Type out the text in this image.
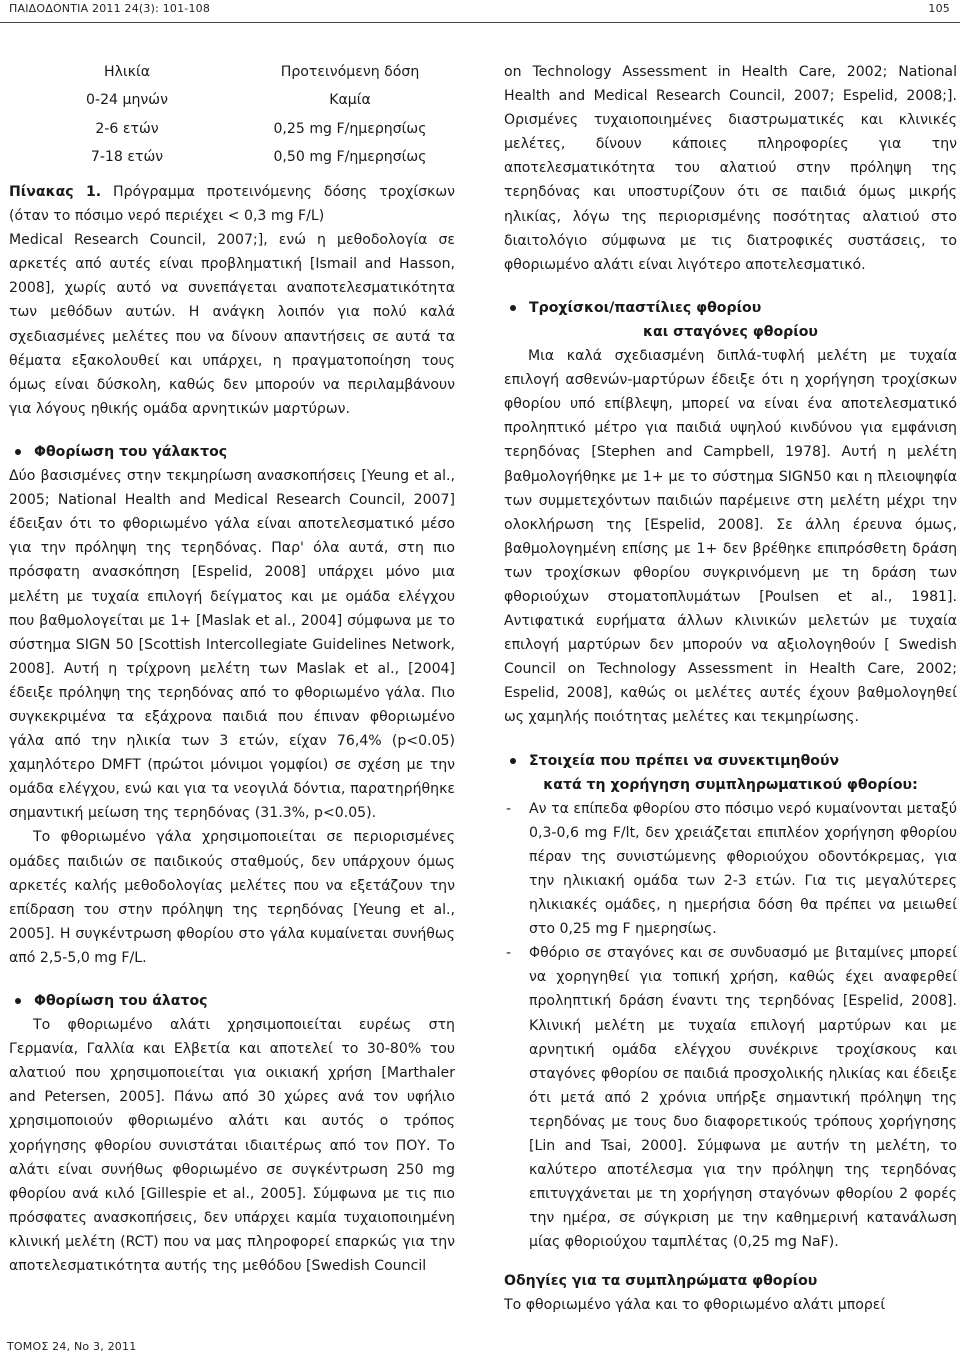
ΠΑΙΔΟΔΟΝΤΙΑ 2011 24(3): 101-108	105
Ηλικία	Προτεινόμενη δόση
0-24 μηνών	Καμία
2-6 ετών	0,25 mg F/ημερησίως
7-18 ετών	0,50 mg F/ημερησίως

Πίνακας 1. Πρόγραμμα προτεινόμενης δόσης τροχίσκων (όταν το πόσιμο νερό περιέχει < 0,3 mg F/L)

Medical Research Council, 2007;], ενώ η μεθοδολογία σε αρκετές από αυτές είναι προβληματική [Ismail and Hasson, 2008], χωρίς αυτό να συνεπάγεται αναποτελεσματικότητα των μεθόδων αυτών. Η ανάγκη λοιπόν για πολύ καλά σχεδιασμένες μελέτες που να δίνουν απαντήσεις σε αυτά τα θέματα εξακολουθεί και υπάρχει, η πραγματοποίηση τους όμως είναι δύσκολη, καθώς δεν μπορούν να περιλαμβάνουν για λόγους ηθικής ομάδα αρνητικών μαρτύρων.

Φθορίωση του γάλακτος

Δύο βασισμένες στην τεκμηρίωση ανασκοπήσεις [Yeung et al., 2005; National Health and Medical Research Council, 2007] έδειξαν ότι το φθοριωμένο γάλα είναι αποτελεσματικό μέσο για την πρόληψη της τερηδόνας. Παρ' όλα αυτά, στη πιο πρόσφατη ανασκόπηση [Espelid, 2008] υπάρχει μόνο μια μελέτη με τυχαία επιλογή δείγματος και με ομάδα ελέγχου που βαθμολογείται με 1+ [Maslak et al., 2004] σύμφωνα με το σύστημα SIGN 50 [Scottish Intercollegiate Guidelines Network, 2008]. Αυτή η τρίχρονη μελέτη των Maslak et al., [2004] έδειξε πρόληψη της τερηδόνας από το φθοριωμένο γάλα. Πιο συγκεκριμένα τα εξάχρονα παιδιά που έπιναν φθοριωμένο γάλα από την ηλικία των 3 ετών, είχαν 76,4% (p<0.05) χαμηλότερο DMFT (πρώτοι μόνιμοι γομφίοι) σε σχέση με την ομάδα ελέγχου, ενώ και για τα νεογιλά δόντια, παρατηρήθηκε σημαντική μείωση της τερηδόνας (31.3%, p<0.05).

Το φθοριωμένο γάλα χρησιμοποιείται σε περιορισμένες ομάδες παιδιών σε παιδικούς σταθμούς, δεν υπάρχουν όμως αρκετές καλής μεθοδολογίας μελέτες που να εξετάζουν την επίδραση του στην πρόληψη της τερηδόνας [Yeung et al., 2005]. Η συγκέντρωση φθορίου στο γάλα κυμαίνεται συνήθως από 2,5-5,0 mg F/L.

Φθορίωση του άλατος

Το φθοριωμένο αλάτι χρησιμοποιείται ευρέως στη Γερμανία, Γαλλία και Ελβετία και αποτελεί το 30-80% του αλατιού που χρησιμοποιείται για οικιακή χρήση [Marthaler and Petersen, 2005]. Πάνω από 30 χώρες ανά τον υφήλιο χρησιμοποιούν φθοριωμένο αλάτι και αυτός ο τρόπος χορήγησης φθορίου συνιστάται ιδιαιτέρως από τον ΠΟΥ. Το αλάτι είναι συνήθως φθοριωμένο σε συγκέντρωση 250 mg φθορίου ανά κιλό [Gillespie et al., 2005]. Σύμφωνα με τις πιο πρόσφατες ανασκοπήσεις, δεν υπάρχει καμία τυχαιοποιημένη κλινική μελέτη (RCT) που να μας πληροφορεί επαρκώς για την αποτελεσματικότητα αυτής της μεθόδου [Swedish Council

on Technology Assessment in Health Care, 2002; National Health and Medical Research Council, 2007; Espelid, 2008;]. Ορισμένες τυχαιοποιημένες διαστρωματικές και κλινικές μελέτες, δίνουν κάποιες πληροφορίες για την αποτελεσματικότητα του αλατιού στην πρόληψη της τερηδόνας και υποστυρίζουν ότι σε παιδιά όμως μικρής ηλικίας, λόγω της περιορισμένης ποσότητας αλατιού στο διαιτολόγιο σύμφωνα με τις διατροφικές συστάσεις, το φθοριωμένο αλάτι είναι λιγότερο αποτελεσματικό.

Τροχίσκοι/παστίλιες φθορίου

και σταγόνες φθορίου

Μια καλά σχεδιασμένη διπλά-τυφλή μελέτη με τυχαία επιλογή ασθενών-μαρτύρων έδειξε ότι η χορήγηση τροχίσκων φθορίου υπό επίβλεψη, μπορεί να είναι ένα αποτελεσματικό προληπτικό μέτρο για παιδιά υψηλού κινδύνου για εμφάνιση τερηδόνας [Stephen and Campbell, 1978]. Αυτή η μελέτη βαθμολογήθηκε με 1+ με το σύστημα SIGN50 και η πλειοψηφία των συμμετεχόντων παιδιών παρέμεινε στη μελέτη μέχρι την ολοκλήρωση της [Espelid, 2008]. Σε άλλη έρευνα όμως, βαθμολογημένη επίσης με 1+ δεν βρέθηκε επιπρόσθετη δράση των τροχίσκων φθορίου συγκρινόμενη με τη δράση των φθοριούχων στοματοπλυμάτων [Poulsen et al., 1981]. Αντιφατικά ευρήματα άλλων κλινικών μελετών με τυχαία επιλογή μαρτύρων δεν μπορούν να αξιολογηθούν [ Swedish Council on Technology Assessment in Health Care, 2002; Espelid, 2008], καθώς οι μελέτες αυτές έχουν βαθμολογηθεί ως χαμηλής ποιότητας μελέτες και τεκμηρίωσης.

Στοιχεία που πρέπει να συνεκτιμηθούν

κατά τη χορήγηση συμπληρωματικού φθορίου:

- Αν τα επίπεδα φθορίου στο πόσιμο νερό κυμαίνονται μεταξύ 0,3-0,6 mg F/lt, δεν χρειάζεται επιπλέον χορήγηση φθορίου πέραν της συνιστώμενης φθοριούχου οδοντόκρεμας, για την ηλικιακή ομάδα των 2-3 ετών. Για τις μεγαλύτερες ηλικιακές ομάδες, η ημερήσια δόση θα πρέπει να μειωθεί στο 0,25 mg F ημερησίως.

- Φθόριο σε σταγόνες και σε συνδυασμό με βιταμίνες μπορεί να χορηγηθεί για τοπική χρήση, καθώς έχει αναφερθεί προληπτική δράση έναντι της τερηδόνας [Espelid, 2008]. Κλινική μελέτη με τυχαία επιλογή μαρτύρων και με αρνητική ομάδα ελέγχου συνέκρινε τροχίσκους και σταγόνες φθορίου σε παιδιά προσχολικής ηλικίας και έδειξε ότι μετά από 2 χρόνια υπήρξε σημαντική πρόληψη της τερηδόνας με τους δυο διαφορετικούς τρόπους χορήγησης [Lin and Tsai, 2000]. Σύμφωνα με αυτήν τη μελέτη, το καλύτερο αποτέλεσμα για την πρόληψη της τερηδόνας επιτυγχάνεται με τη χορήγηση σταγόνων φθορίου 2 φορές την ημέρα, σε σύγκριση με την καθημερινή κατανάλωση μίας φθοριούχου ταμπλέτας (0,25 mg NaF).

Οδηγίες για τα συμπληρώματα φθορίου

Το φθοριωμένο γάλα και το φθοριωμένο αλάτι μπορεί

ΤΟΜΟΣ 24, Νο 3, 2011
